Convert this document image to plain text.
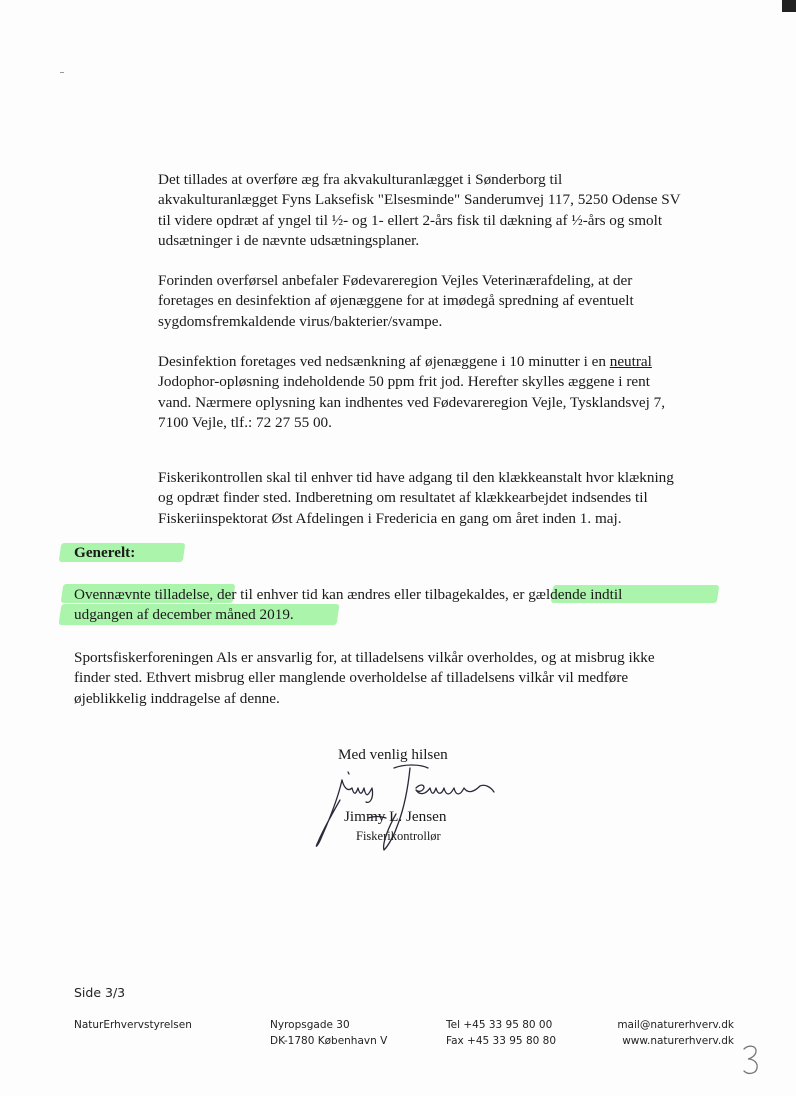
Det tillades at overføre æg fra akvakulturanlægget i Sønderborg til
akvakulturanlægget Fyns Laksefisk "Elsesminde" Sanderumvej 117, 5250 Odense SV
til videre opdræt af yngel til ½- og 1- ellert 2-års fisk til dækning af ½-års og smolt
udsætninger i de nævnte udsætningsplaner.
Forinden overførsel anbefaler Fødevareregion Vejles Veterinærafdeling, at der
foretages en desinfektion af øjenæggene for at imødegå spredning af eventuelt
sygdomsfremkaldende virus/bakterier/svampe.
Desinfektion foretages ved nedsænkning af øjenæggene i 10 minutter i en neutral
Jodophor-opløsning indeholdende 50 ppm frit jod. Herefter skylles æggene i rent
vand. Nærmere oplysning kan indhentes ved Fødevareregion Vejle, Tysklandsvej 7,
7100 Vejle, tlf.: 72 27 55 00.
Fiskerikontrollen skal til enhver tid have adgang til den klækkeanstalt hvor klækning
og opdræt finder sted. Indberetning om resultatet af klækkearbejdet indsendes til
Fiskeriinspektorat Øst Afdelingen i Fredericia en gang om året inden 1. maj.

Generelt:

Ovennævnte tilladelse, der til enhver tid kan ændres eller tilbagekaldes, er gældende indtil
udgangen af december måned 2019.
Sportsfiskerforeningen Als er ansvarlig for, at tilladelsens vilkår overholdes, og at misbrug ikke
finder sted. Ethvert misbrug eller manglende overholdelse af tilladelsens vilkår vil medføre
øjeblikkelig inddragelse af denne.
Med venlig hilsen
Jimmy L. Jensen
Fiskerikontrollør
Side 3/3
NaturErhvervstyrelsen	Nyropsgade 30
DK-1780 København V
Tel +45 33 95 80 00
Fax +45 33 95 80 80
mail@naturerhverv.dk
www.naturerhverv.dk
